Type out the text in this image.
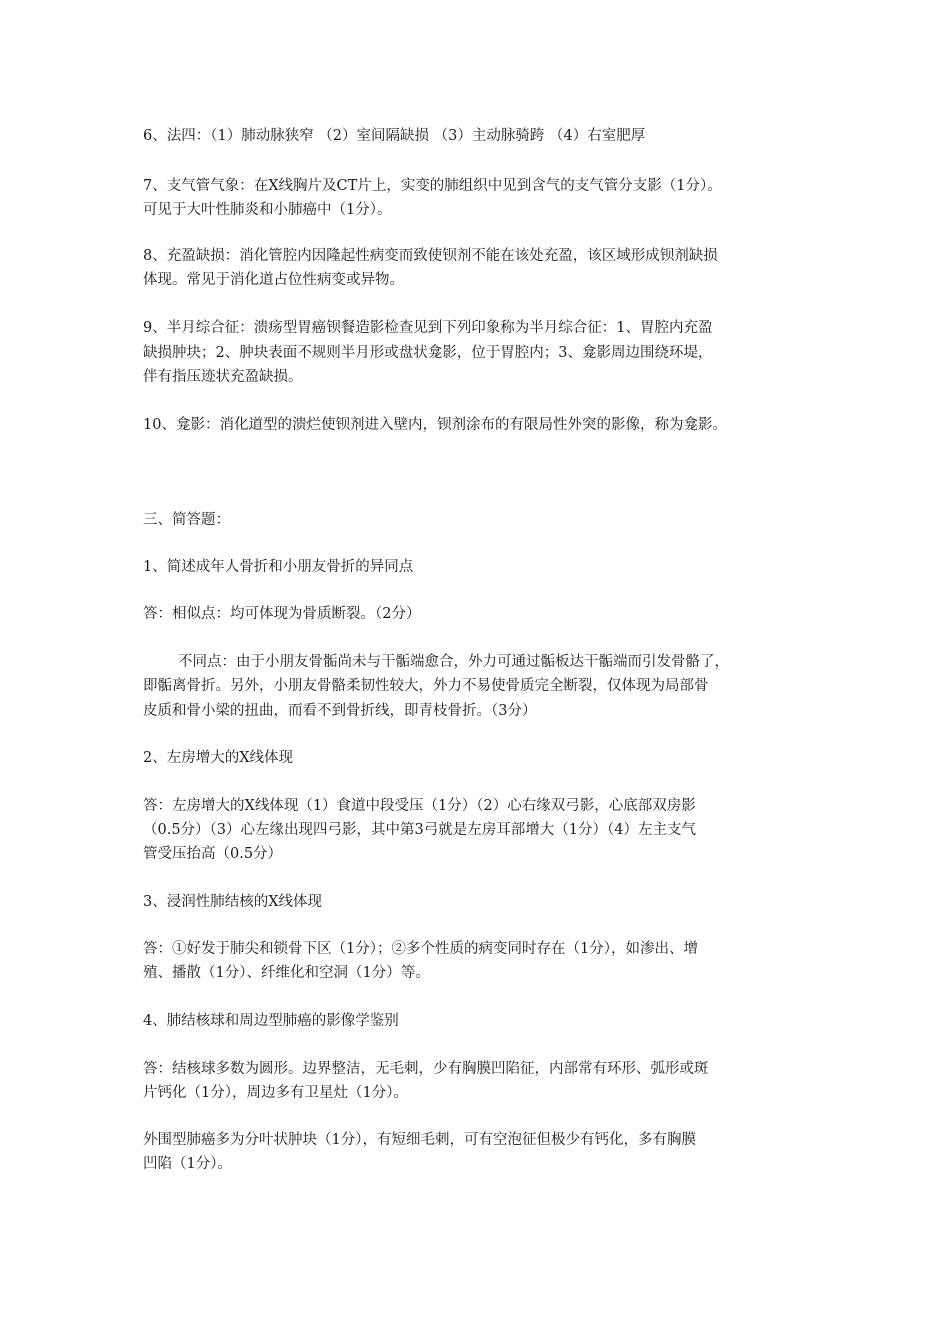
6、法四：（1）肺动脉狭窄 （2）室间隔缺损 （3）主动脉骑跨 （4）右室肥厚
7、支气管气象：在X线胸片及CT片上，实变的肺组织中见到含气的支气管分支影（1分）。
可见于大叶性肺炎和小肺癌中（1分）。
8、充盈缺损：消化管腔内因隆起性病变而致使钡剂不能在该处充盈，该区域形成钡剂缺损
体现。常见于消化道占位性病变或异物。
9、半月综合征：溃疡型胃癌钡餐造影检查见到下列印象称为半月综合征：1、胃腔内充盈
缺损肿块；2、肿块表面不规则半月形或盘状龛影，位于胃腔内；3、龛影周边围绕环堤，
伴有指压迹状充盈缺损。
10、龛影：消化道型的溃烂使钡剂进入壁内，钡剂涂布的有限局性外突的影像，称为龛影。
三、简答题：
1、简述成年人骨折和小朋友骨折的异同点
答：相似点：均可体现为骨质断裂。（2分）
不同点：由于小朋友骨骺尚未与干骺端愈合，外力可通过骺板达干骺端而引发骨骼了，
即骺离骨折。另外，小朋友骨骼柔韧性较大，外力不易使骨质完全断裂，仅体现为局部骨
皮质和骨小梁的扭曲，而看不到骨折线，即青枝骨折。（3分）
2、左房增大的X线体现
答：左房增大的X线体现（1）食道中段受压（1分）（2）心右缘双弓影，心底部双房影
（0.5分）（3）心左缘出现四弓影，其中第3弓就是左房耳部增大（1分）（4）左主支气
管受压抬高（0.5分）
3、浸润性肺结核的X线体现
答：①好发于肺尖和锁骨下区（1分）；②多个性质的病变同时存在（1分），如渗出、增
殖、播散（1分）、纤维化和空洞（1分）等。
4、肺结核球和周边型肺癌的影像学鉴别
答：结核球多数为圆形。边界整洁，无毛刺，少有胸膜凹陷征，内部常有环形、弧形或斑
片钙化（1分），周边多有卫星灶（1分）。
外围型肺癌多为分叶状肿块（1分），有短细毛刺，可有空泡征但极少有钙化，多有胸膜
凹陷（1分）。
